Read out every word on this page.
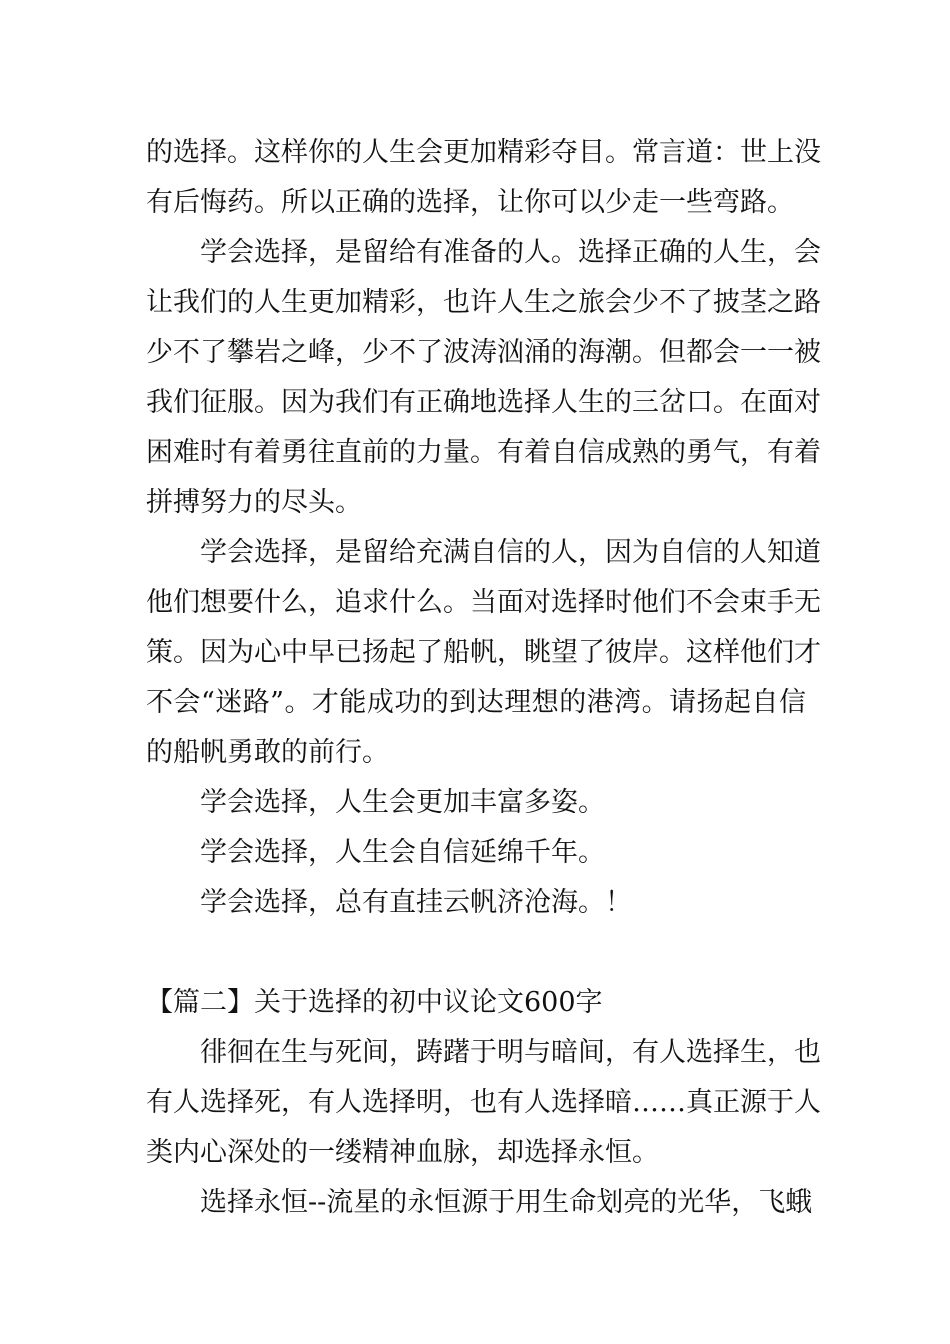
的选择。这样你的人生会更加精彩夺目。常言道：世上没
有后悔药。所以正确的选择，让你可以少走一些弯路。
学会选择，是留给有准备的人。选择正确的人生，会
让我们的人生更加精彩，也许人生之旅会少不了披茎之路
少不了攀岩之峰，少不了波涛汹涌的海潮。但都会一一被
我们征服。因为我们有正确地选择人生的三岔口。在面对
困难时有着勇往直前的力量。有着自信成熟的勇气，有着
拼搏努力的尽头。
学会选择，是留给充满自信的人，因为自信的人知道
他们想要什么，追求什么。当面对选择时他们不会束手无
策。因为心中早已扬起了船帆，眺望了彼岸。这样他们才
不会“迷路”。才能成功的到达理想的港湾。请扬起自信
的船帆勇敢的前行。
学会选择，人生会更加丰富多姿。
学会选择，人生会自信延绵千年。
学会选择，总有直挂云帆济沧海。！
【篇二】关于选择的初中议论文600字
徘徊在生与死间，踌躇于明与暗间，有人选择生，也
有人选择死，有人选择明，也有人选择暗……真正源于人
类内心深处的一缕精神血脉，却选择永恒。
选择永恒--流星的永恒源于用生命划亮的光华，飞蛾
